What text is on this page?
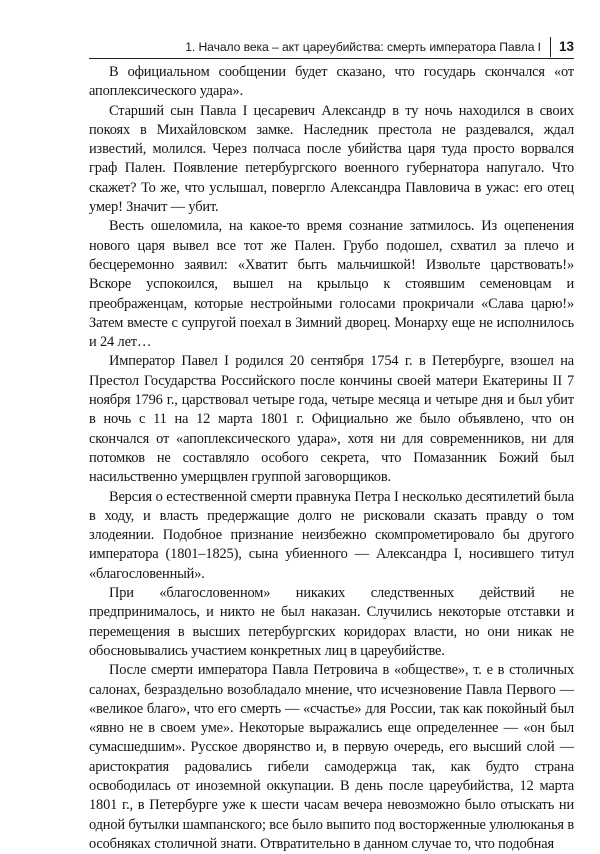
1. Начало века – акт цареубийства: смерть императора Павла I 13

В официальном сообщении будет сказано, что государь скончался «от апоплексического удара».

Старший сын Павла I цесаревич Александр в ту ночь находился в своих покоях в Михайловском замке. Наследник престола не раздевался, ждал известий, молился. Через полчаса после убийства царя туда просто ворвался граф Пален. Появление петербургского военного губернатора напугало. Что скажет? То же, что услышал, повергло Александра Павловича в ужас: его отец умер! Значит — убит.

Весть ошеломила, на какое-то время сознание затмилось. Из оцепенения нового царя вывел все тот же Пален. Грубо подошел, схватил за плечо и бесцеремонно заявил: «Хватит быть мальчишкой! Извольте царствовать!» Вскоре успокоился, вышел на крыльцо к стоявшим семеновцам и преображенцам, которые нестройными голосами прокричали «Слава царю!» Затем вместе с супругой поехал в Зимний дворец. Монарху еще не исполнилось и 24 лет…

Император Павел I родился 20 сентября 1754 г. в Петербурге, взошел на Престол Государства Российского после кончины своей матери Екатерины II 7 ноября 1796 г., царствовал четыре года, четыре месяца и четыре дня и был убит в ночь с 11 на 12 марта 1801 г. Официально же было объявлено, что он скончался от «апоплексического удара», хотя ни для современников, ни для потомков не составляло особого секрета, что Помазанник Божий был насильственно умерщвлен группой заговорщиков.

Версия о естественной смерти правнука Петра I несколько десятилетий была в ходу, и власть предержащие долго не рисковали сказать правду о том злодеянии. Подобное признание неизбежно скомпрометировало бы другого императора (1801–1825), сына убиенного — Александра I, носившего титул «благословенный».

При «благословенном» никаких следственных действий не предпринималось, и никто не был наказан. Случились некоторые отставки и перемещения в высших петербургских коридорах власти, но они никак не обосновывались участием конкретных лиц в цареубийстве.

После смерти императора Павла Петровича в «обществе», т. е в столичных салонах, безраздельно возобладало мнение, что исчезновение Павла Первого — «великое благо», что его смерть — «счастье» для России, так как покойный был «явно не в своем уме». Некоторые выражались еще определеннее — «он был сумасшедшим». Русское дворянство и, в первую очередь, его высший слой — аристократия радовались гибели самодержца так, как будто страна освободилась от иноземной оккупации. В день после цареубийства, 12 марта 1801 г., в Петербурге уже к шести часам вечера невозможно было отыскать ни одной бутылки шампанского; все было выпито под восторженные улюлюканья в особняках столичной знати. Отвратительно в данном случае то, что подобная
